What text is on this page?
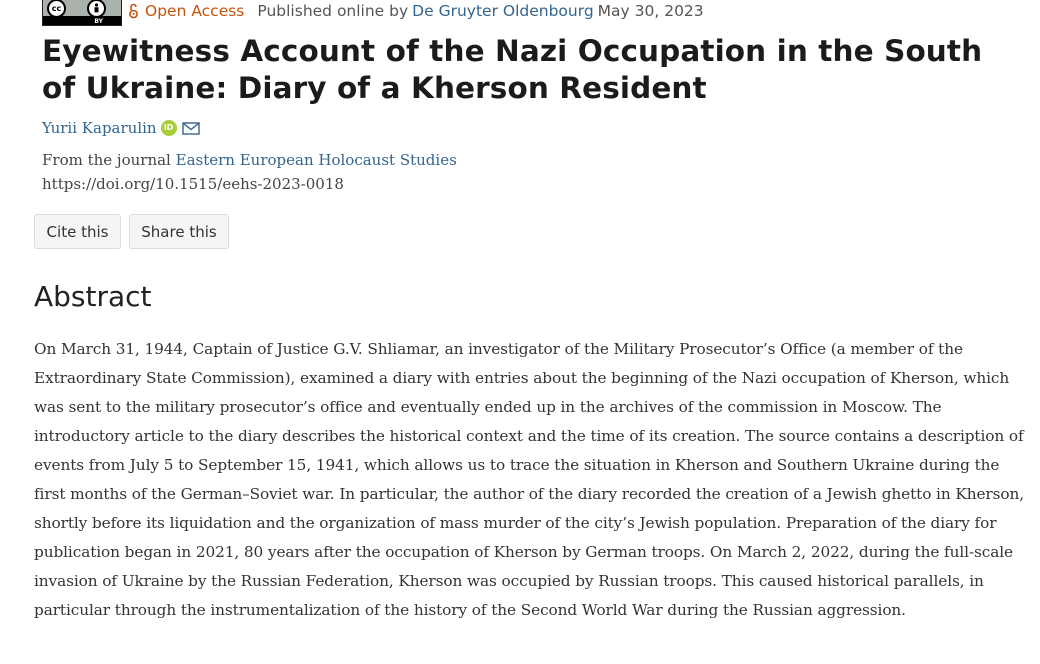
cc
BY
Open Access Published online by De Gruyter Oldenbourg May 30, 2023
Eyewitness Account of the Nazi Occupation in the South of Ukraine: Diary of a Kherson Resident
Yurii Kaparulin iD
From the journal Eastern European Holocaust Studies
https://doi.org/10.1515/eehs-2023-0018
Cite this	Share this
Abstract

On March 31, 1944, Captain of Justice G.V. Shliamar, an investigator of the Military Prosecutor’s Office (a member of the Extraordinary State Commission), examined a diary with entries about the beginning of the Nazi occupation of Kherson, which was sent to the military prosecutor’s office and eventually ended up in the archives of the commission in Moscow. The introductory article to the diary describes the historical context and the time of its creation. The source contains a description of events from July 5 to September 15, 1941, which allows us to trace the situation in Kherson and Southern Ukraine during the first months of the German–Soviet war. In particular, the author of the diary recorded the creation of a Jewish ghetto in Kherson, shortly before its liquidation and the organization of mass murder of the city’s Jewish population. Preparation of the diary for publication began in 2021, 80 years after the occupation of Kherson by German troops. On March 2, 2022, during the full-scale invasion of Ukraine by the Russian Federation, Kherson was occupied by Russian troops. This caused historical parallels, in particular through the instrumentalization of the history of the Second World War during the Russian aggression.
